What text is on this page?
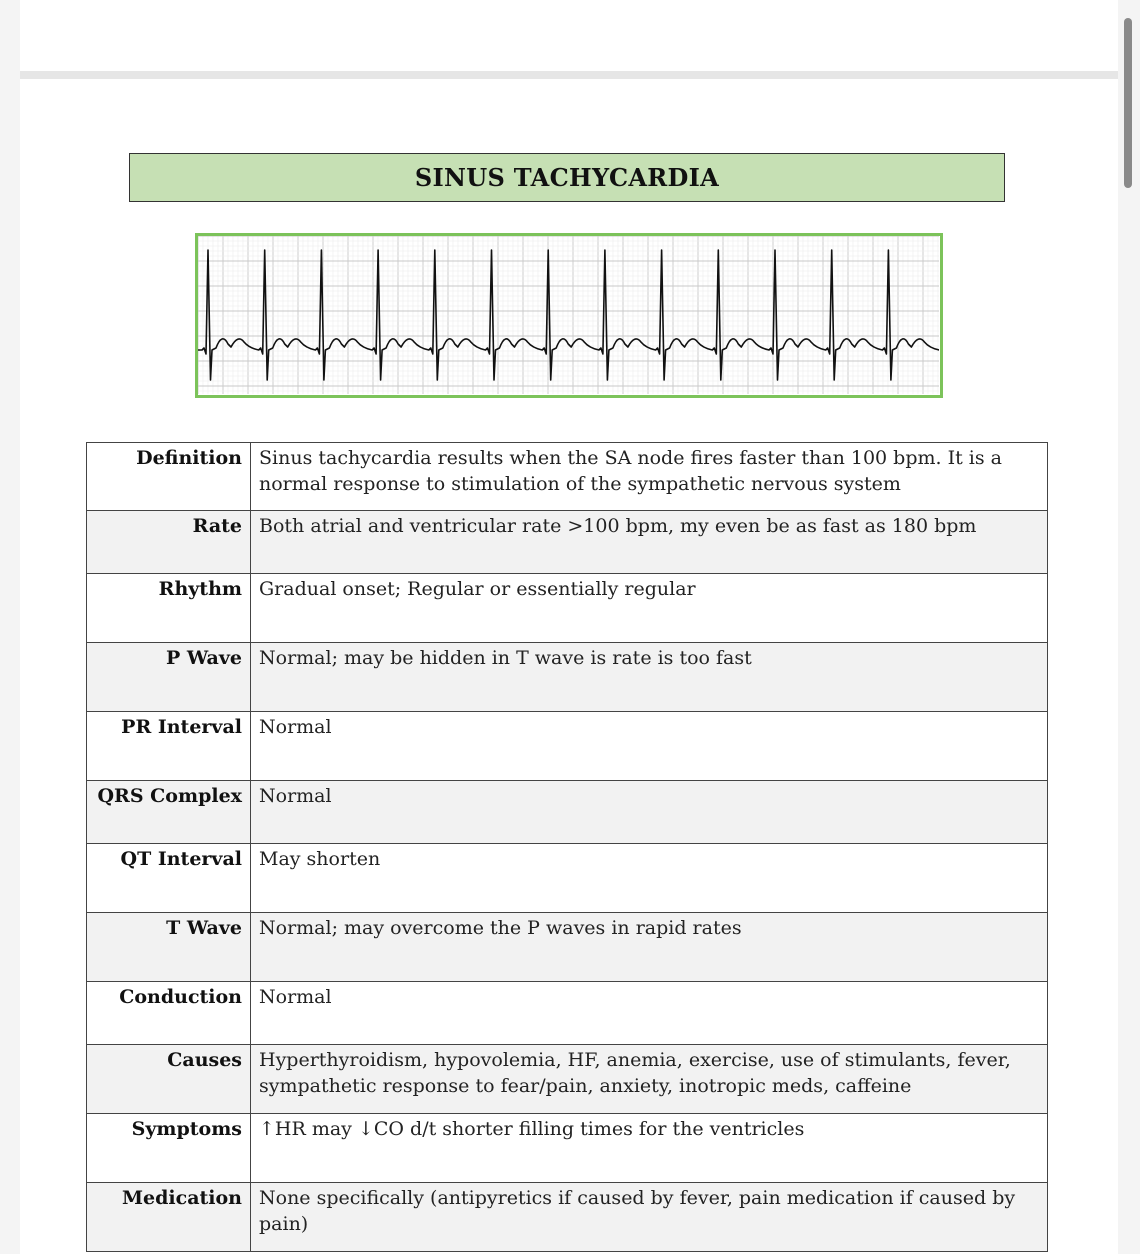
SINUS TACHYCARDIA
Definition	Sinus tachycardia results when the SA node fires faster than 100 bpm. It is a normal response to stimulation of the sympathetic nervous system
Rate	Both atrial and ventricular rate >100 bpm, my even be as fast as 180 bpm
Rhythm	Gradual onset; Regular or essentially regular
P Wave	Normal; may be hidden in T wave is rate is too fast
PR Interval	Normal
QRS Complex	Normal
QT Interval	May shorten
T Wave	Normal; may overcome the P waves in rapid rates
Conduction	Normal
Causes	Hyperthyroidism, hypovolemia, HF, anemia, exercise, use of stimulants, fever, sympathetic response to fear/pain, anxiety, inotropic meds, caffeine
Symptoms	↑HR may ↓CO d/t shorter filling times for the ventricles
Medication	None specifically (antipyretics if caused by fever, pain medication if caused by pain)
